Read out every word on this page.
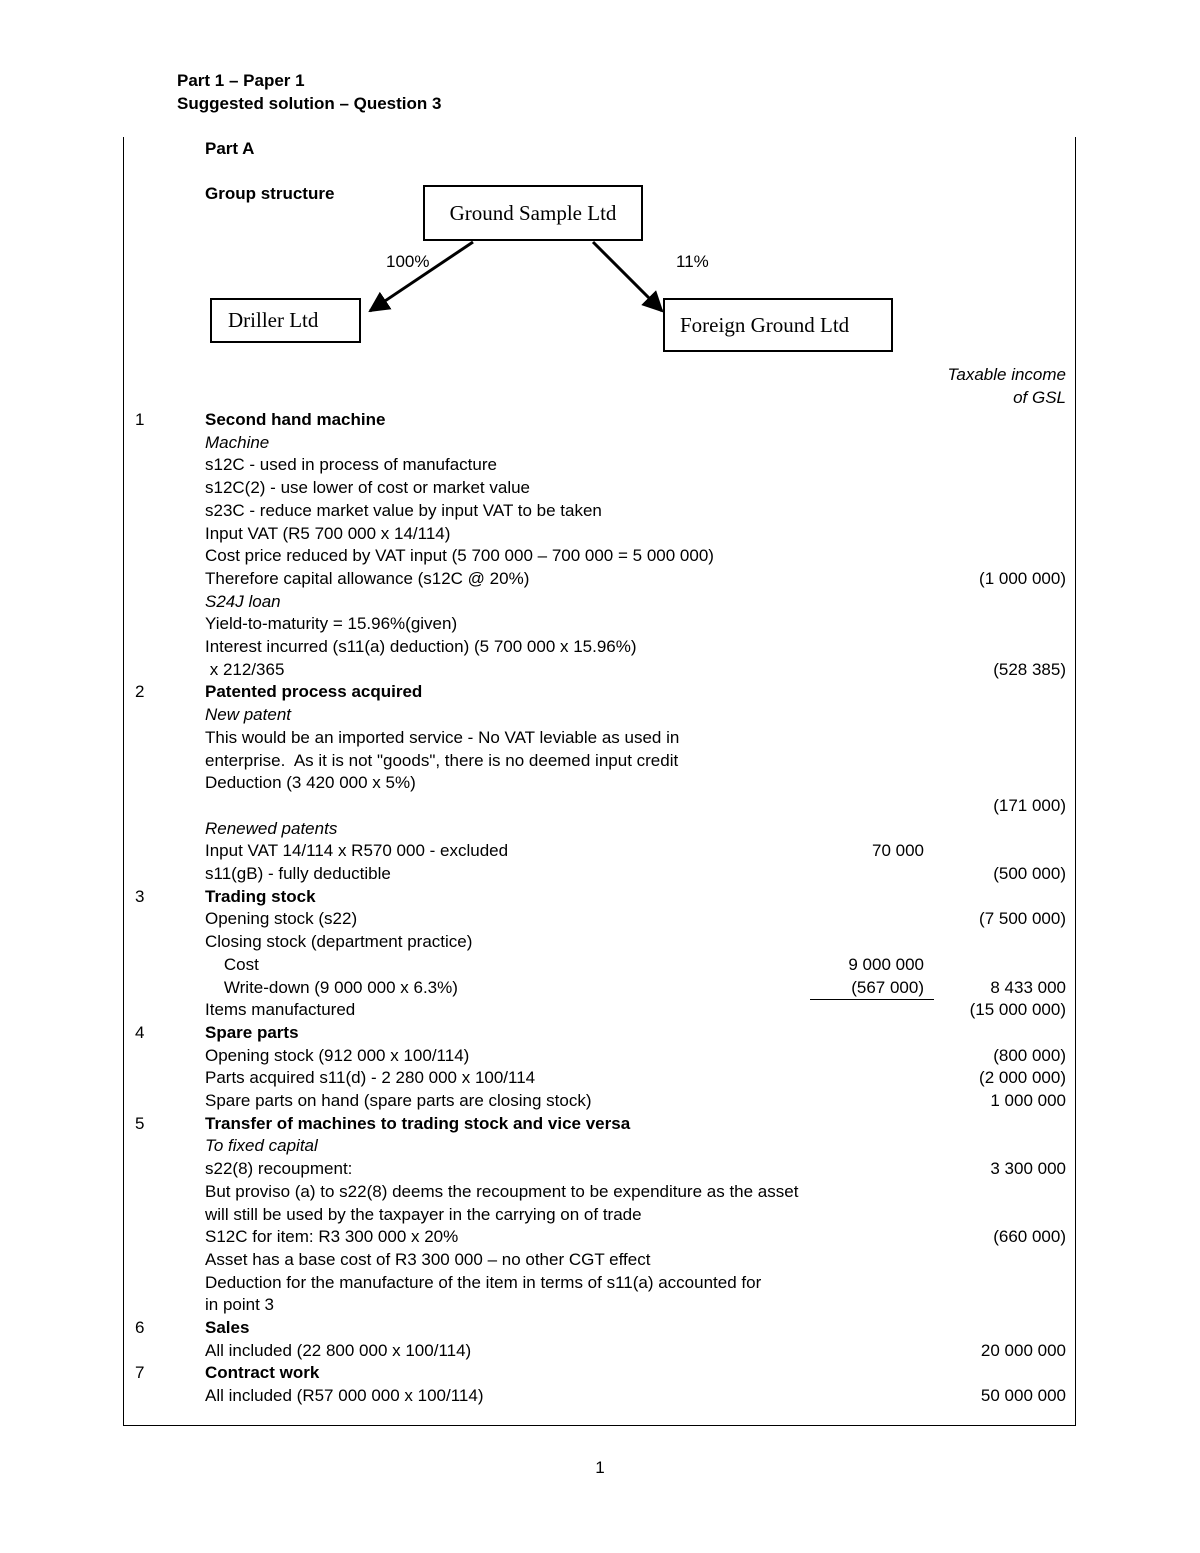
Part 1 – Paper 1
Suggested solution – Question 3
Part A
Group structure
Ground Sample Ltd
Driller Ltd	Foreign Ground Ltd
100%	11%
Taxable income
of GSL
1	Second hand machine
Machine
s12C - used in process of manufacture
s12C(2) - use lower of cost or market value
s23C - reduce market value by input VAT to be taken
Input VAT (R5 700 000 x 14/114)
Cost price reduced by VAT input (5 700 000 – 700 000 = 5 000 000)
Therefore capital allowance (s12C @ 20%)	(1 000 000)
S24J loan
Yield-to-maturity = 15.96%(given)
Interest incurred (s11(a) deduction) (5 700 000 x 15.96%)
x 212/365	(528 385)
2	Patented process acquired
New patent
This would be an imported service - No VAT leviable as used in
enterprise.  As it is not "goods", there is no deemed input credit
Deduction (3 420 000 x 5%)
(171 000)
Renewed patents
Input VAT 14/114 x R570 000 - excluded	70 000
s11(gB) - fully deductible	(500 000)
3	Trading stock
Opening stock (s22)	(7 500 000)
Closing stock (department practice)
Cost	9 000 000
Write-down (9 000 000 x 6.3%)	(567 000)	8 433 000
Items manufactured	(15 000 000)
4	Spare parts
Opening stock (912 000 x 100/114)	(800 000)
Parts acquired s11(d) - 2 280 000 x 100/114	(2 000 000)
Spare parts on hand (spare parts are closing stock)	1 000 000
5	Transfer of machines to trading stock and vice versa
To fixed capital
s22(8) recoupment:	3 300 000
But proviso (a) to s22(8) deems the recoupment to be expenditure as the asset
will still be used by the taxpayer in the carrying on of trade
S12C for item: R3 300 000 x 20%	(660 000)
Asset has a base cost of R3 300 000 – no other CGT effect
Deduction for the manufacture of the item in terms of s11(a) accounted for
in point 3
6	Sales
All included (22 800 000 x 100/114)	20 000 000
7	Contract work
All included (R57 000 000 x 100/114)	50 000 000
1
